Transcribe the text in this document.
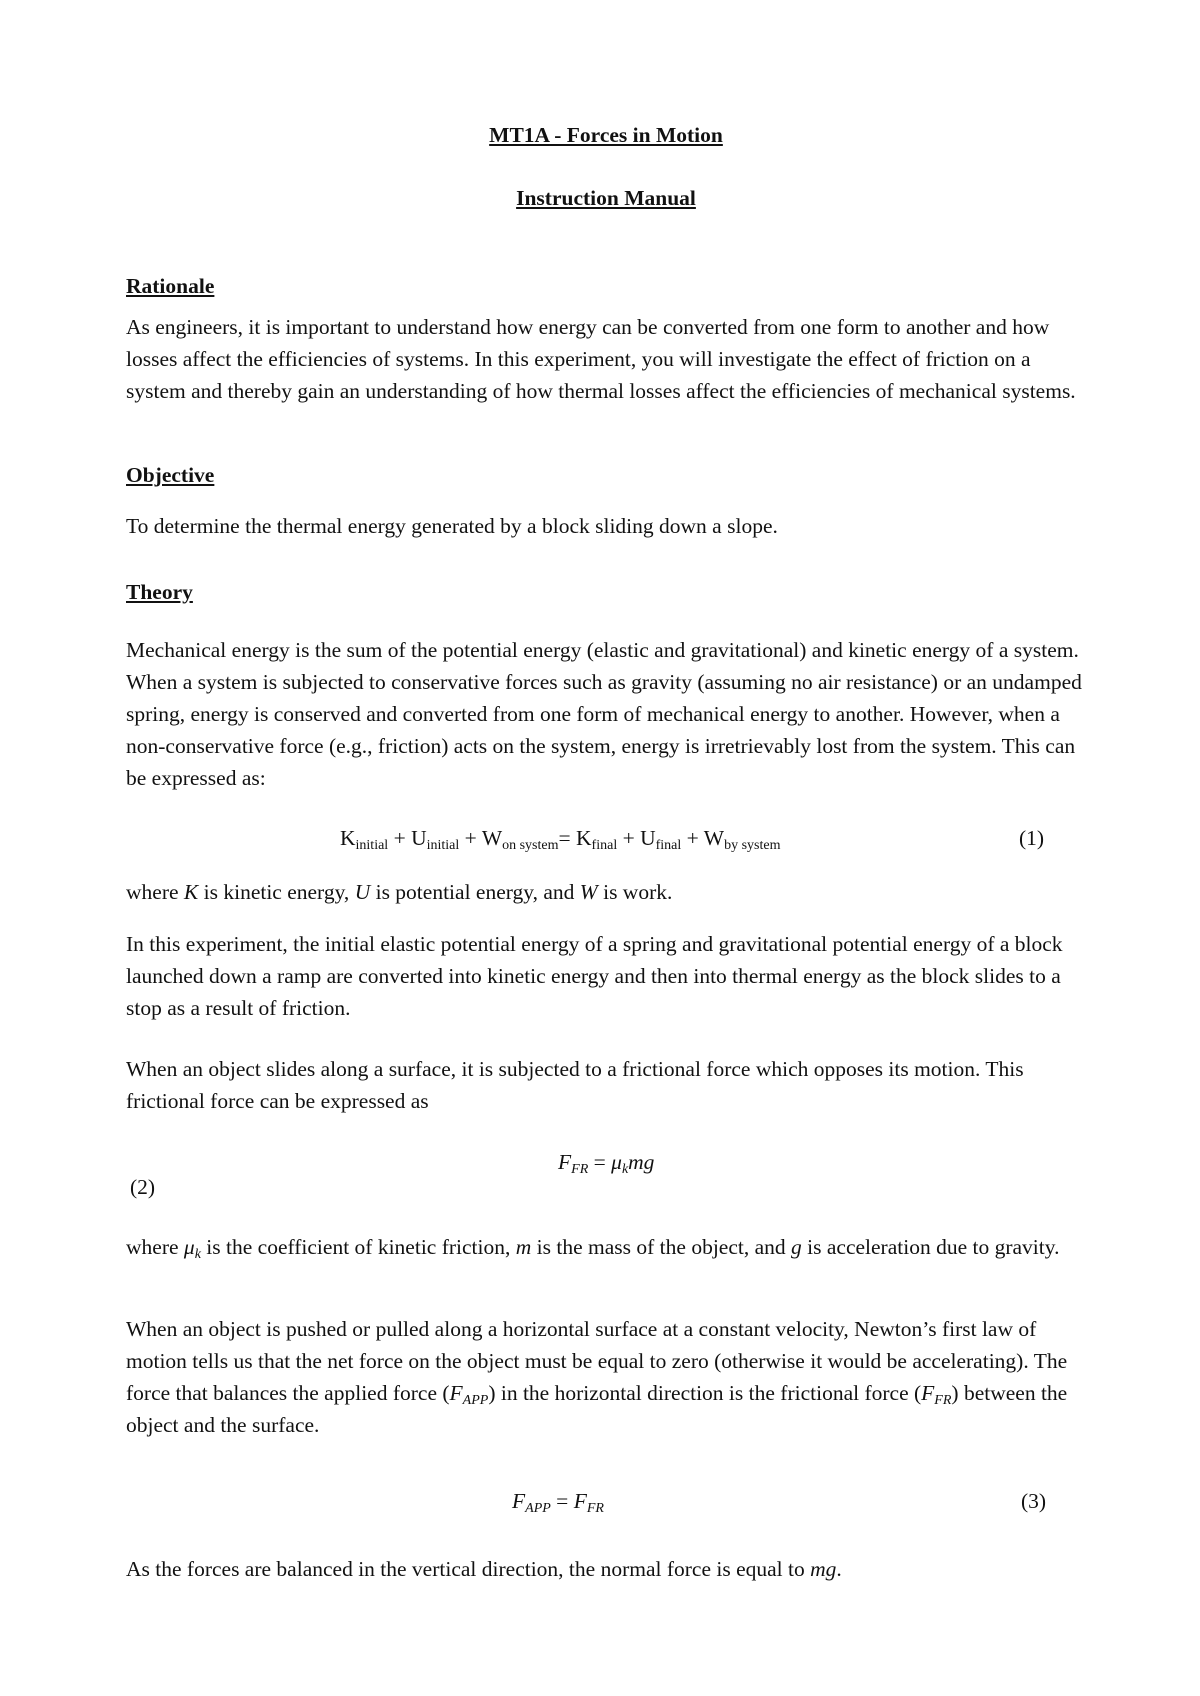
MT1A - Forces in Motion
Instruction Manual
Rationale

As engineers, it is important to understand how energy can be converted from one form to another and how losses affect the efficiencies of systems. In this experiment, you will investigate the effect of friction on a system and thereby gain an understanding of how thermal losses affect the efficiencies of mechanical systems.

Objective

To determine the thermal energy generated by a block sliding down a slope.

Theory

Mechanical energy is the sum of the potential energy (elastic and gravitational) and kinetic energy of a system. When a system is subjected to conservative forces such as gravity (assuming no air resistance) or an undamped spring, energy is conserved and converted from one form of mechanical energy to another. However, when a non-conservative force (e.g., friction) acts on the system, energy is irretrievably lost from the system. This can be expressed as:

$K_{initial} + U_{initial} + W_{on system}= K_{final} + U_{final} + W_{by system}$	(1)

where K is kinetic energy, U is potential energy, and W is work.

In this experiment, the initial elastic potential energy of a spring and gravitational potential energy of a block launched down a ramp are converted into kinetic energy and then into thermal energy as the block slides to a stop as a result of friction.

When an object slides along a surface, it is subjected to a frictional force which opposes its motion. This frictional force can be expressed as

$F_{FR} = \mu_kmg$
(2)

where $\mu_k$ is the coefficient of kinetic friction, m is the mass of the object, and g is acceleration due to gravity.

When an object is pushed or pulled along a horizontal surface at a constant velocity, Newton’s first law of motion tells us that the net force on the object must be equal to zero (otherwise it would be accelerating). The force that balances the applied force $(F_{APP})$ in the horizontal direction is the frictional force $(F_{FR})$ between the object and the surface.

$F_{APP} = F_{FR}$	(3)

As the forces are balanced in the vertical direction, the normal force is equal to mg.
